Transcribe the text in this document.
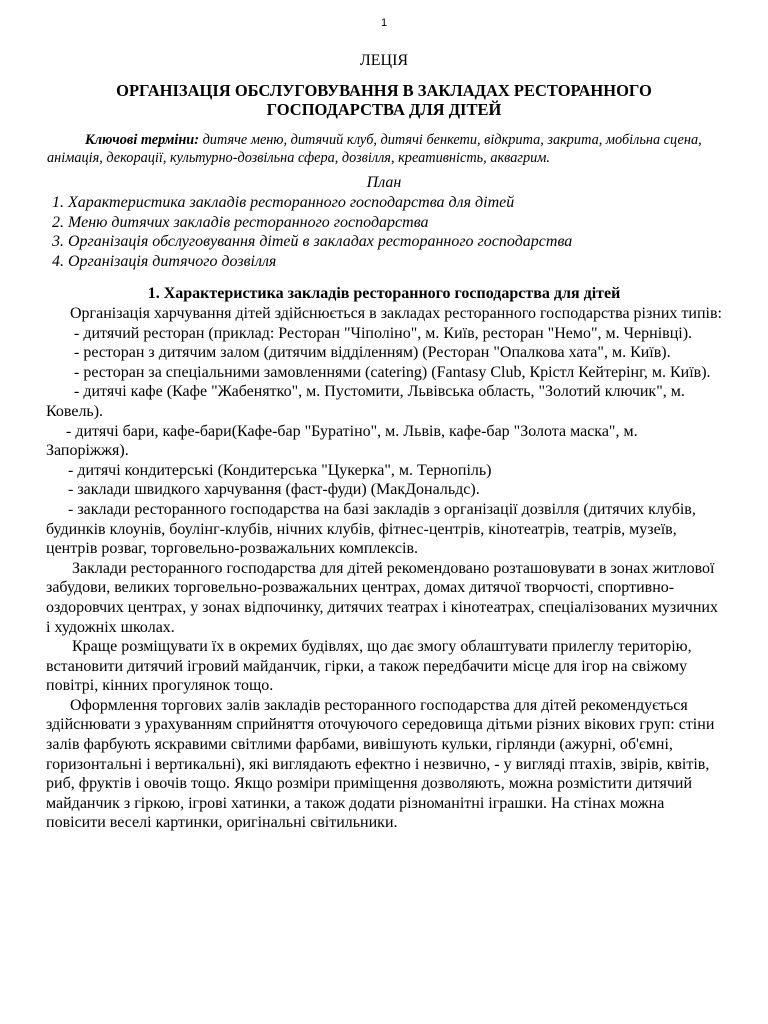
1
ЛЕЦІЯ
ОРГАНІЗАЦІЯ ОБСЛУГОВУВАННЯ В ЗАКЛАДАХ РЕСТОРАННОГО ГОСПОДАРСТВА ДЛЯ ДІТЕЙ
Ключові терміни: дитяче меню, дитячий клуб, дитячі бенкети, відкрита, закрита, мобільна сцена, анімація, декорації, культурно-дозвільна сфера, дозвілля, креативність, аквагрим.
План
1. Характеристика закладів ресторанного господарства для дітей
2. Меню дитячих закладів ресторанного господарства
3. Організація обслуговування дітей в закладах ресторанного господарства
4. Організація дитячого дозвілля
1. Характеристика закладів ресторанного господарства для дітей

Організація харчування дітей здійснюється в закладах ресторанного господарства різних типів:

- дитячий ресторан (приклад: Ресторан "Чіполіно", м. Київ, ресторан "Немо", м. Чернівці).

- ресторан з дитячим залом (дитячим відділенням) (Ресторан "Опалкова хата", м. Київ).

- ресторан за спеціальними замовленнями (catering) (Fantasy Club, Крістл Кейтерінг, м. Київ).

- дитячі кафе (Кафе "Жабенятко", м. Пустомити, Львівська область, "Золотий ключик", м. Ковель).

- дитячі бари, кафе-бари(Кафе-бар "Буратіно", м. Львів, кафе-бар "Золота маска", м. Запоріжжя).

- дитячі кондитерські (Кондитерська "Цукерка", м. Тернопіль)

- заклади швидкого харчування (фаст-фуди) (МакДональдс).

- заклади ресторанного господарства на базі закладів з організації дозвілля (дитячих клубів, будинків клоунів, боулінг-клубів, нічних клубів, фітнес-центрів, кінотеатрів, театрів, музеїв, центрів розваг, торговельно-розважальних комплексів.

Заклади ресторанного господарства для дітей рекомендовано розташовувати в зонах житлової забудови, великих торговельно-розважальних центрах, домах дитячої творчості, спортивно-оздоровчих центрах, у зонах відпочинку, дитячих театрах і кінотеатрах, спеціалізованих музичних і художніх школах.

Краще розміщувати їх в окремих будівлях, що дає змогу облаштувати прилеглу територію, встановити дитячий ігровий майданчик, гірки, а також передбачити місце для ігор на свіжому повітрі, кінних прогулянок тощо.

Оформлення торгових залів закладів ресторанного господарства для дітей рекомендується здійснювати з урахуванням сприйняття оточуючого середовища дітьми різних вікових груп: стіни залів фарбують яскравими світлими фарбами, вивішують кульки, гірлянди (ажурні, об'ємні, горизонтальні і вертикальні), які виглядають ефектно і незвично, - у вигляді птахів, звірів, квітів, риб, фруктів і овочів тощо. Якщо розміри приміщення дозволяють, можна розмістити дитячий майданчик з гіркою, ігрові хатинки, а також додати різноманітні іграшки. На стінах можна повісити веселі картинки, оригінальні світильники.
